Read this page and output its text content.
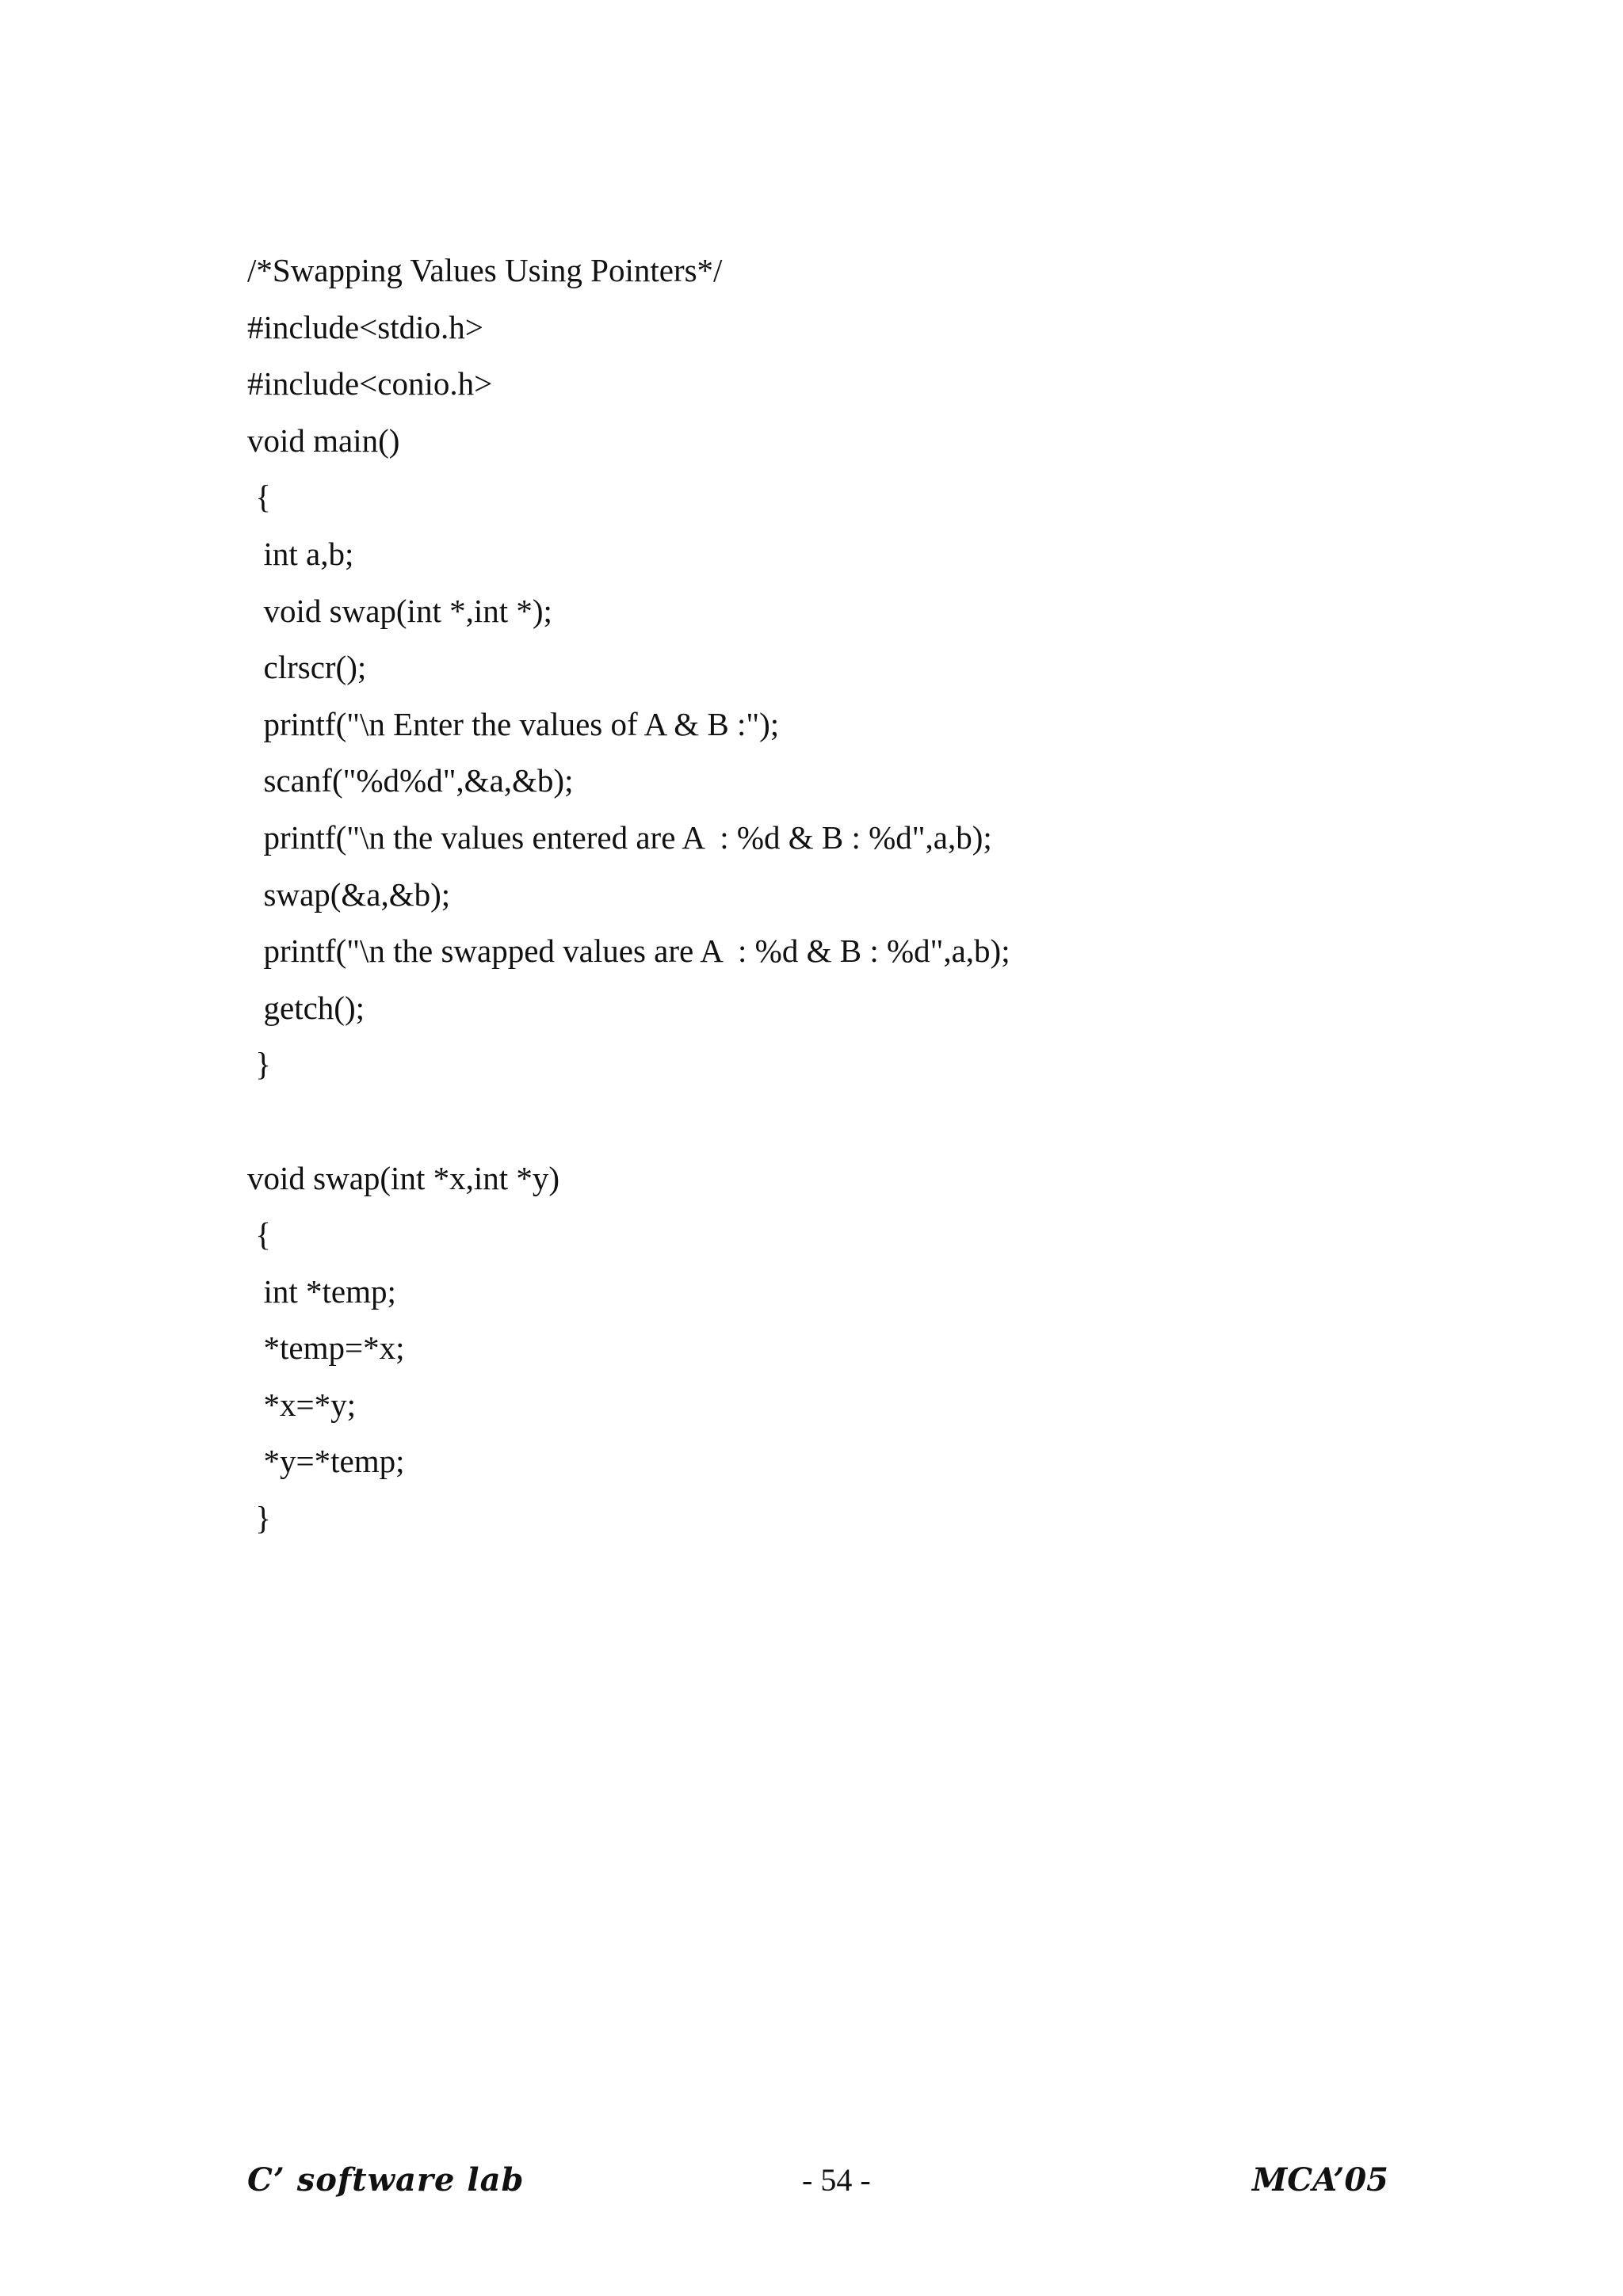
/*Swapping Values Using Pointers*/
#include<stdio.h>
#include<conio.h>
void main()
{
int a,b;
void swap(int *,int *);
clrscr();
printf("\n Enter the values of A & B :");
scanf("%d%d",&a,&b);
printf("\n the values entered are A  : %d & B : %d",a,b);
swap(&a,&b);
printf("\n the swapped values are A  : %d & B : %d",a,b);
getch();
}
void swap(int *x,int *y)
{
int *temp;
*temp=*x;
*x=*y;
*y=*temp;
}
C’ software lab	- 54 -	MCA’05
